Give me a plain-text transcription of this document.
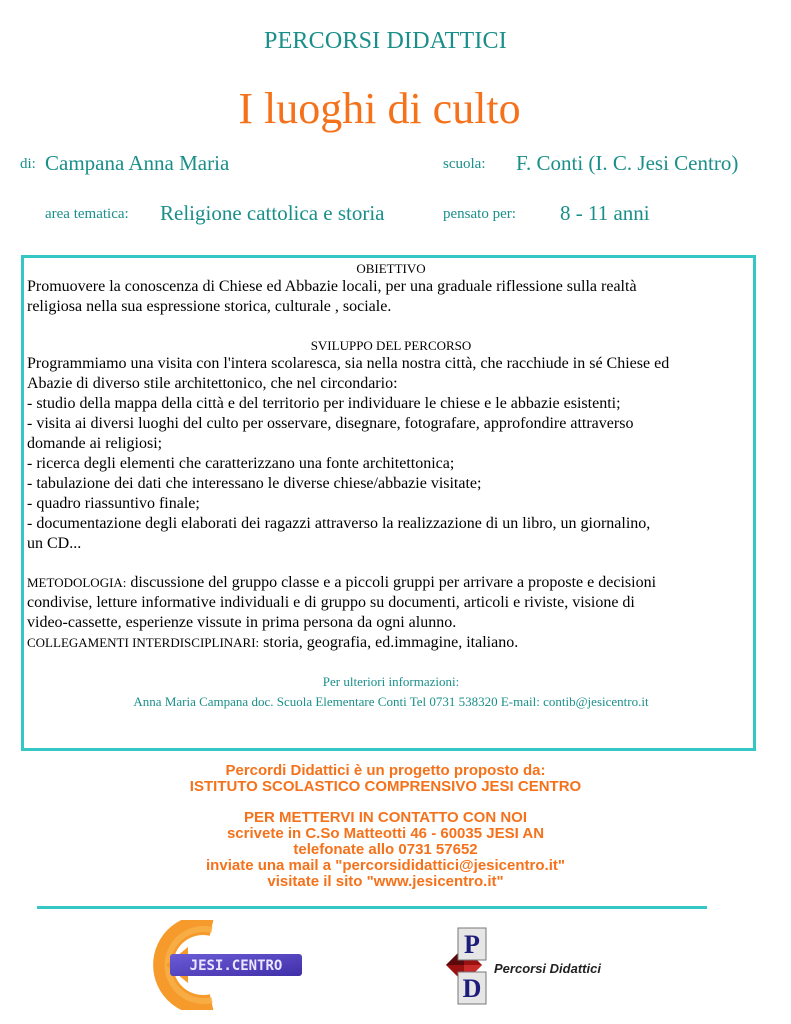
PERCORSI DIDATTICI
I luoghi di culto
di: Campana Anna Maria	scuola: F. Conti (I. C. Jesi Centro)
area tematica: Religione cattolica e storia	pensato per: 8 - 11 anni
OBIETTIVO
Promuovere la conoscenza di Chiese ed Abbazie locali, per una graduale riflessione sulla realtà
religiosa nella sua espressione storica, culturale , sociale.
SVILUPPO DEL PERCORSO
Programmiamo una visita con l'intera scolaresca, sia nella nostra città, che racchiude in sé Chiese ed
Abazie di diverso stile architettonico, che nel circondario:
- studio della mappa della città e del territorio per individuare le chiese e le abbazie esistenti;
- visita ai diversi luoghi del culto per osservare, disegnare, fotografare, approfondire attraverso
domande ai religiosi;
- ricerca degli elementi che caratterizzano una fonte architettonica;
- tabulazione dei dati che interessano le diverse chiese/abbazie visitate;
- quadro riassuntivo finale;
- documentazione degli elaborati dei ragazzi attraverso la realizzazione di un libro, un giornalino,
un CD...
METODOLOGIA: discussione del gruppo classe e a piccoli gruppi per arrivare a proposte e decisioni
condivise, letture informative individuali e di gruppo su documenti, articoli e riviste, visione di
video-cassette, esperienze vissute in prima persona da ogni alunno.
COLLEGAMENTI INTERDISCIPLINARI: storia, geografia, ed.immagine, italiano.
Per ulteriori informazioni:
Anna Maria Campana doc. Scuola Elementare Conti Tel 0731 538320 E-mail: contib@jesicentro.it
Percordi Didattici è un progetto proposto da:
ISTITUTO SCOLASTICO COMPRENSIVO JESI CENTRO
PER METTERVI IN CONTATTO CON NOI
scrivete in C.So Matteotti 46 - 60035 JESI AN
telefonate allo 0731 57652
inviate una mail a "percorsididattici@jesicentro.it"
visitate il sito "www.jesicentro.it"
JESI.CENTRO
P
D
Percorsi Didattici
